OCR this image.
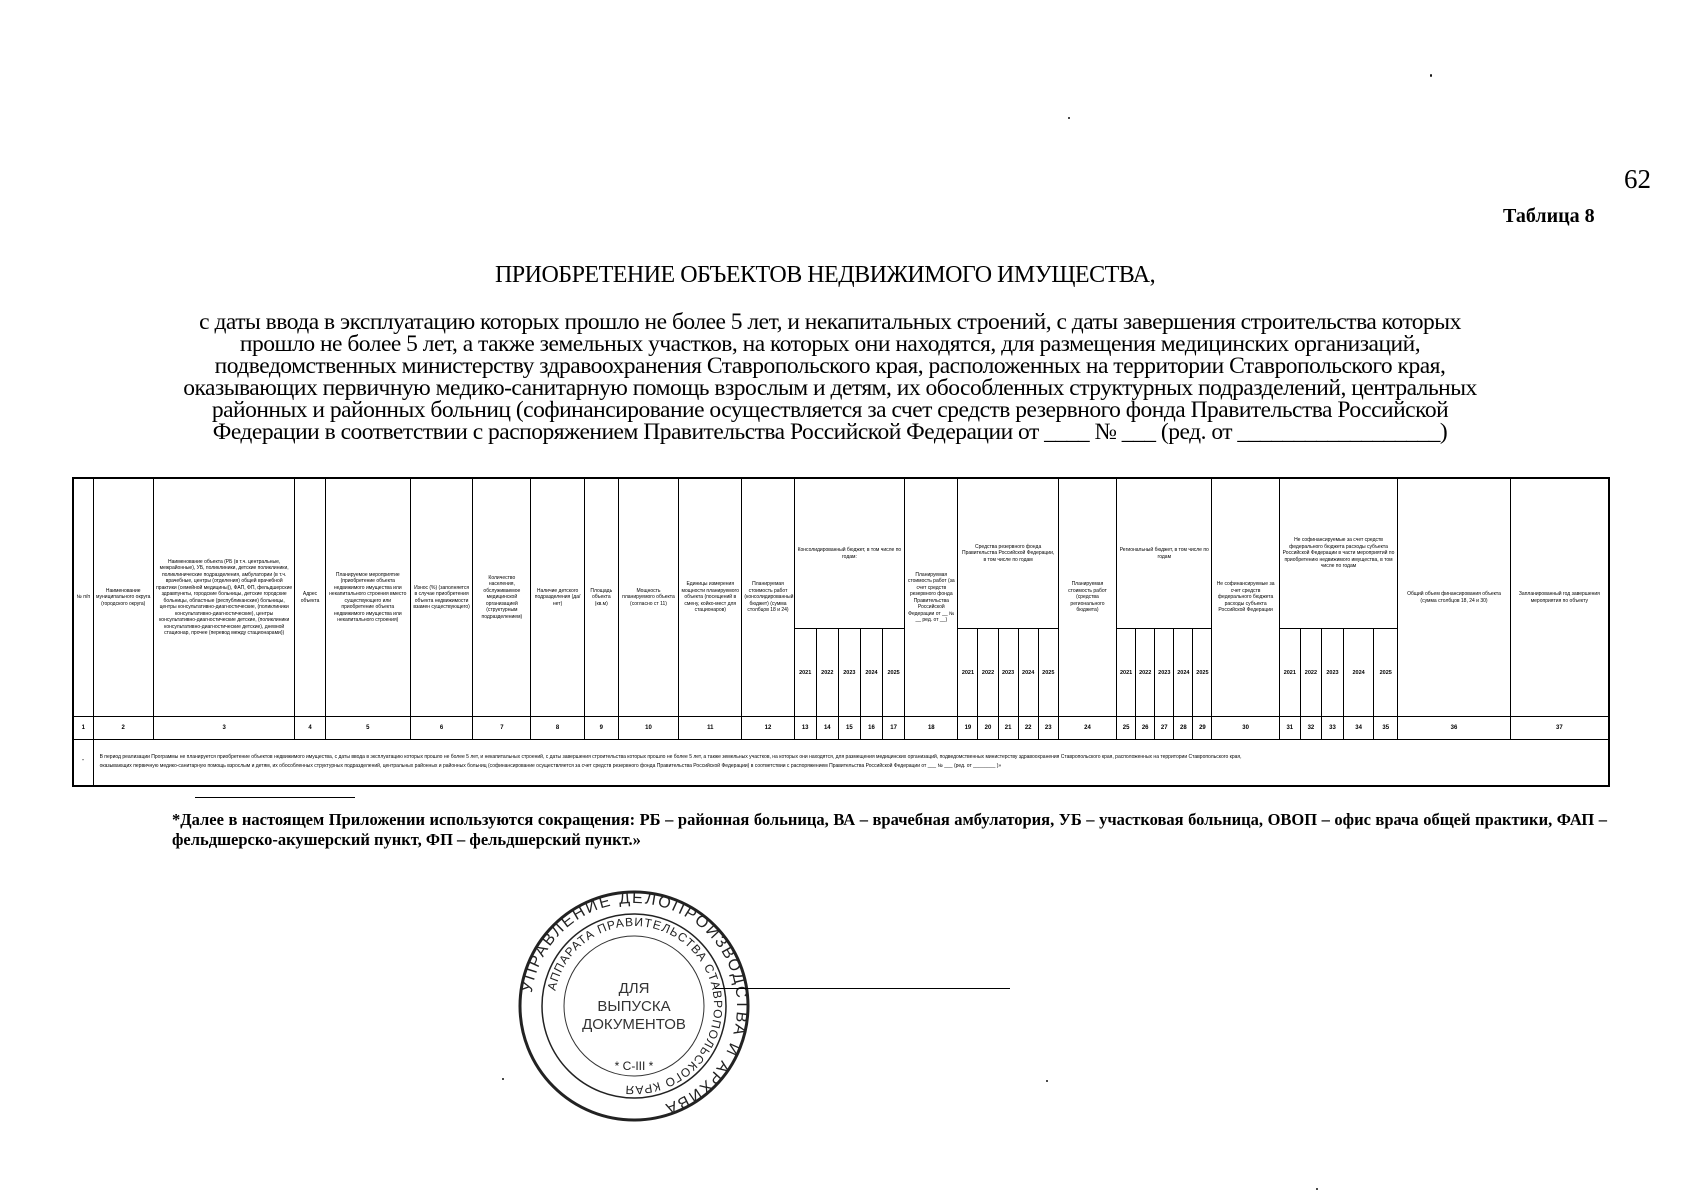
62
Таблица 8
ПРИОБРЕТЕНИЕ ОБЪЕКТОВ НЕДВИЖИМОГО ИМУЩЕСТВА,
с даты ввода в эксплуатацию которых прошло не более 5 лет, и некапитальных строений, с даты завершения строительства которых
прошло не более 5 лет, а также земельных участков, на которых они находятся, для размещения медицинских организаций,
подведомственных министерству здравоохранения Ставропольского края, расположенных на территории Ставропольского края,
оказывающих первичную медико-санитарную помощь взрослым и детям, их обособленных структурных подразделений, центральных
районных и районных больниц (софинансирование осуществляется за счет средств резервного фонда Правительства Российской
Федерации в соответствии с распоряжением Правительства Российской Федерации от ____ № ___ (ред. от __________________)
№ п/п	Наименование муниципального округа (городского округа)	Наименование объекта (РБ (в т.ч. центральные, межрайонные), УБ, поликлиники, детские поликлиники, поликлинические подразделения, амбулатории (в т.ч. врачебные, центры (отделения) общей врачебной практики (семейной медицины)), ФАП, ФП, фельдшерские здравпункты, городские больницы, детские городские больницы, областные (республиканские) больницы, центры консультативно-диагностические, (поликлиники консультативно-диагностические), центры консультативно-диагностические детские, (поликлиники консультативно-диагностические детские), дневной стационар, прочее (перевод между стационарами))	Адрес объекта	Планируемое мероприятие (приобретение объекта недвижимого имущества или некапитального строения вместо существующего или приобретение объекта недвижимого имущества или некапитального строения)	Износ (%) (заполняется в случае приобретения объекта недвижимости взамен существующего)	Количество населения, обслуживаемое медицинской организацией (структурным подразделением)	Наличие детского подразделения (да/нет)	Площадь объекта (кв.м)	Мощность планируемого объекта (согласно ст 11)	Единицы измерения мощности планируемого объекта (посещений в смену, койко-мест для стационаров)	Планируемая стоимость работ (консолидированный бюджет) (сумма столбцов 18 и 24)	Консолидированный бюджет, в том числе по годам:					Планируемая стоимость работ (за счет средств резервного фонда Правительства Российской Федерации от __ № __ ред. от __)	Средства резервного фонда Правительства Российской Федерации, в том числе по годам					Планируемая стоимость работ (средства регионального бюджета)	Региональный бюджет, в том числе по годам					Не софинансируемые за счет средств федерального бюджета расходы субъекта Российской Федерации	Не софинансируемые за счет средств федерального бюджета расходы субъекта Российской Федерации в части мероприятий по приобретению недвижимого имущества, в том числе по годам					Общий объем финансирования объекта (сумма столбцов 18, 24 и 30)	Запланированный год завершения мероприятия по объекту
												2021	2022	2023	2024	2025		2021	2022	2023	2024	2025		2021	2022	2023	2024	2025		2021	2022	2023	2024	2025		
1	2	3	4	5	6	7	8	9	10	11	12	13	14	15	16	17	18	19	20	21	22	23	24	25	26	27	28	29	30	31	32	33	34	35	36	37
"	В период реализации Программы не планируется приобретение объектов недвижимого имущества, с даты ввода в эксплуатацию которых прошло не более 5 лет, и некапитальных строений, с даты завершения строительства которых прошло не более 5 лет, а также земельных участков, на которых они находятся, для размещения медицинских организаций, подведомственных министерству здравоохранения Ставропольского края, расположенных на территории Ставропольского края,
оказывающих первичную медико-санитарную помощь взрослым и детям, их обособленных структурных подразделений, центральных районных и районных больниц (софинансирование осуществляется за счет средств резервного фонда Правительства Российской Федерации) в соответствии с распоряжением Правительства Российской Федерации от ___ № ___ (ред. от ________ )»																																			
*Далее в настоящем Приложении используются сокращения: РБ – районная больница, ВА – врачебная амбулатория, УБ – участковая больница, ОВОП – офис врача общей практики, ФАП – фельдшерско-акушерский пункт, ФП – фельдшерский пункт.»
УПРАВЛЕНИЕ ДЕЛОПРОИЗВОДСТВА И АРХИВА
АППАРАТА ПРАВИТЕЛЬСТВА СТАВРОПОЛЬСКОГО КРАЯ
ДЛЯ
ВЫПУСКА
ДОКУМЕНТОВ
* С-III *
